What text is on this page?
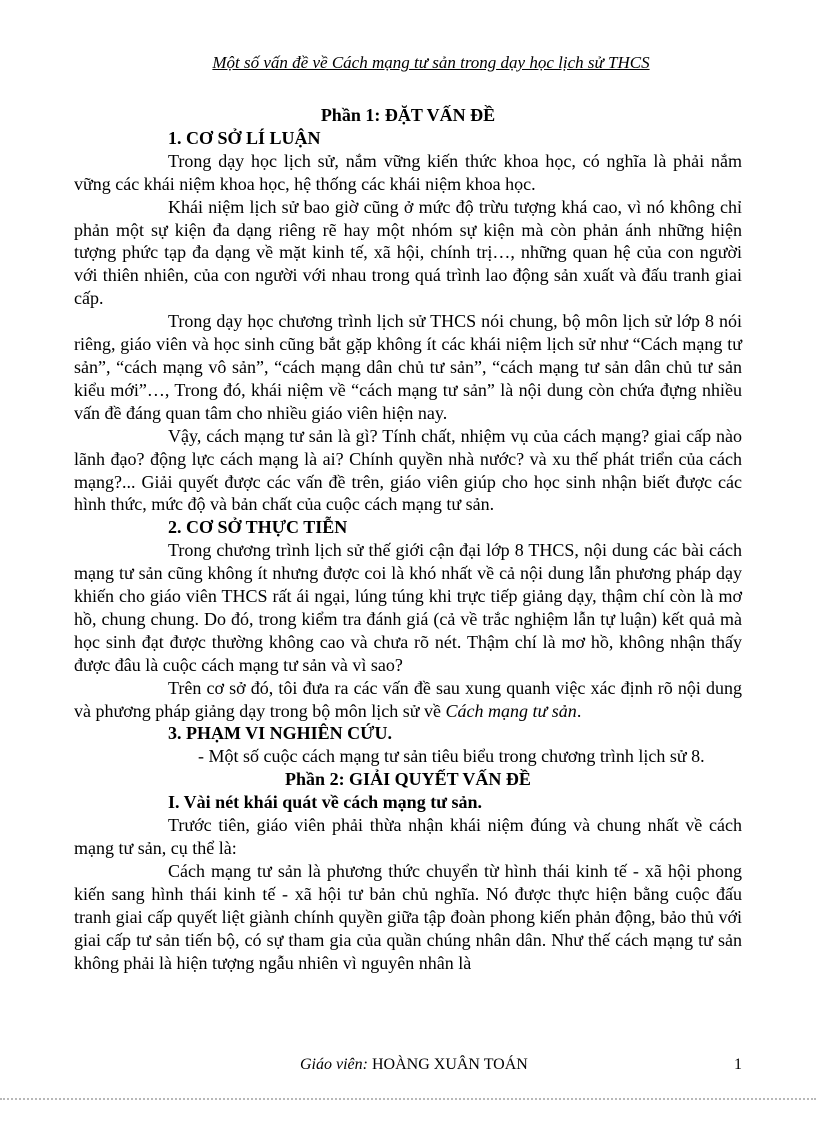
Một số vấn đề về Cách mạng tư sản trong dạy học lịch sử THCS

Phần 1: ĐẶT VẤN ĐỀ

1. CƠ SỞ LÍ LUẬN

Trong dạy học lịch sử, nắm vững kiến thức khoa học, có nghĩa là phải nắm vững các khái niệm khoa học, hệ thống các khái niệm khoa học.

Khái niệm lịch sử bao giờ cũng ở mức độ trừu tượng khá cao, vì nó không chỉ phản một sự kiện đa dạng riêng rẽ hay một nhóm sự kiện mà còn phản ánh những hiện tượng phức tạp đa dạng về mặt kinh tế, xã hội, chính trị…, những quan hệ của con người với thiên nhiên, của con người với nhau trong quá trình lao động sản xuất và đấu tranh giai cấp.

Trong dạy học chương trình lịch sử THCS nói chung, bộ môn lịch sử lớp 8 nói riêng, giáo viên và học sinh cũng bắt gặp không ít các khái niệm lịch sử như “Cách mạng tư sản”, “cách mạng vô sản”, “cách mạng dân chủ tư sản”, “cách mạng tư sản dân chủ tư sản kiểu mới”…, Trong đó, khái niệm về “cách mạng tư sản” là nội dung còn chứa đựng nhiều vấn đề đáng quan tâm cho nhiều giáo viên hiện nay.

Vậy, cách mạng tư sản là gì? Tính chất, nhiệm vụ của cách mạng? giai cấp nào lãnh đạo? động lực cách mạng là ai? Chính quyền nhà nước? và xu thế phát triển của cách mạng?... Giải quyết được các vấn đề trên, giáo viên giúp cho học sinh nhận biết được các hình thức, mức độ và bản chất của cuộc cách mạng tư sản.

2. CƠ SỞ THỰC TIỄN

Trong chương trình lịch sử thế giới cận đại lớp 8 THCS, nội dung các bài cách mạng tư sản cũng không ít nhưng được coi là khó nhất về cả nội dung lẫn phương pháp dạy khiến cho giáo viên THCS rất ái ngại, lúng túng khi trực tiếp giảng dạy, thậm chí còn là mơ hồ, chung chung. Do đó, trong kiểm tra đánh giá (cả về trắc nghiệm lẫn tự luận) kết quả mà học sinh đạt được thường không cao và chưa rõ nét. Thậm chí là mơ hồ, không nhận thấy được đâu là cuộc cách mạng tư sản và vì sao?

Trên cơ sở đó, tôi đưa ra các vấn đề sau xung quanh việc xác định rõ nội dung và phương pháp giảng dạy trong bộ môn lịch sử về Cách mạng tư sản.

3. PHẠM VI NGHIÊN CỨU.

- Một số cuộc cách mạng tư sản tiêu biểu trong chương trình lịch sử 8.

Phần 2: GIẢI QUYẾT VẤN ĐỀ

I. Vài nét khái quát về cách mạng tư sản.

Trước tiên, giáo viên phải thừa nhận khái niệm đúng và chung nhất về cách mạng tư sản, cụ thể là:

Cách mạng tư sản là phương thức chuyển từ hình thái kinh tế - xã hội phong kiến sang hình thái kinh tế - xã hội tư bản chủ nghĩa. Nó được thực hiện bằng cuộc đấu tranh giai cấp quyết liệt giành chính quyền giữa tập đoàn phong kiến phản động, bảo thủ với giai cấp tư sản tiến bộ, có sự tham gia của quần chúng nhân dân. Như thế cách mạng tư sản không phải là hiện tượng ngẫu nhiên vì nguyên nhân là

Giáo viên: HOÀNG XUÂN TOÁN	1
